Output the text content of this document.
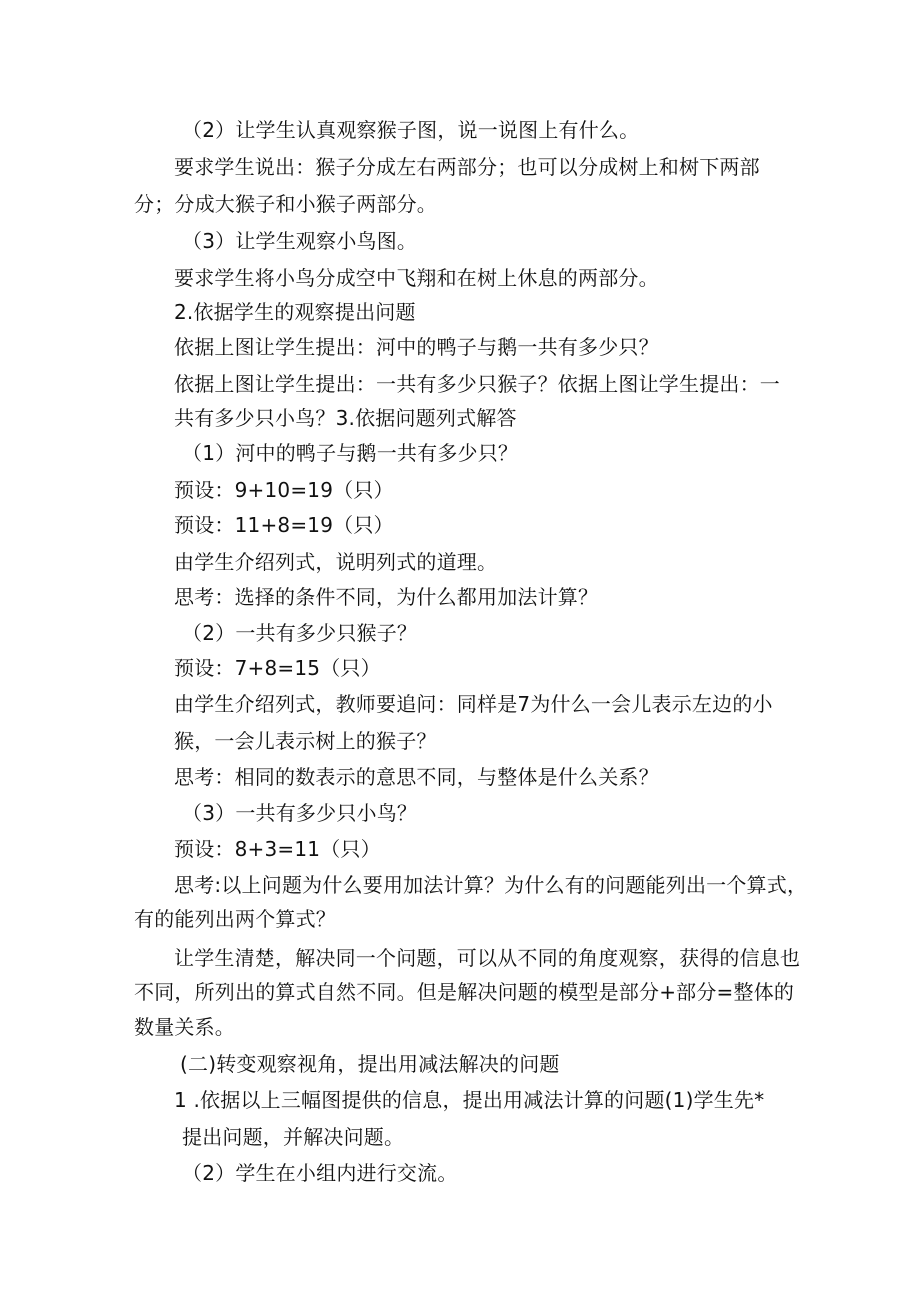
（2）让学生认真观察猴子图，说一说图上有什么。
要求学生说出：猴子分成左右两部分；也可以分成树上和树下两部
分；分成大猴子和小猴子两部分。
（3）让学生观察小鸟图。
要求学生将小鸟分成空中飞翔和在树上休息的两部分。
2.依据学生的观察提出问题
依据上图让学生提出：河中的鸭子与鹅一共有多少只？
依据上图让学生提出：一共有多少只猴子？依据上图让学生提出：一
共有多少只小鸟？3.依据问题列式解答
（1）河中的鸭子与鹅一共有多少只？
预设：9+10=19（只）
预设：11+8=19（只）
由学生介绍列式，说明列式的道理。
思考：选择的条件不同，为什么都用加法计算？
（2）一共有多少只猴子？
预设：7+8=15（只）
由学生介绍列式，教师要追问：同样是7为什么一会儿表示左边的小
猴，一会儿表示树上的猴子？
思考：相同的数表示的意思不同，与整体是什么关系？
（3）一共有多少只小鸟？
预设：8+3=11（只）
思考:以上问题为什么要用加法计算？为什么有的问题能列出一个算式，
有的能列出两个算式？
让学生清楚，解决同一个问题，可以从不同的角度观察，获得的信息也
不同，所列出的算式自然不同。但是解决问题的模型是部分+部分=整体的
数量关系。
(二)转变观察视角，提出用减法解决的问题
1 .依据以上三幅图提供的信息，提出用减法计算的问题(1)学生先*
提出问题，并解决问题。
（2）学生在小组内进行交流。
